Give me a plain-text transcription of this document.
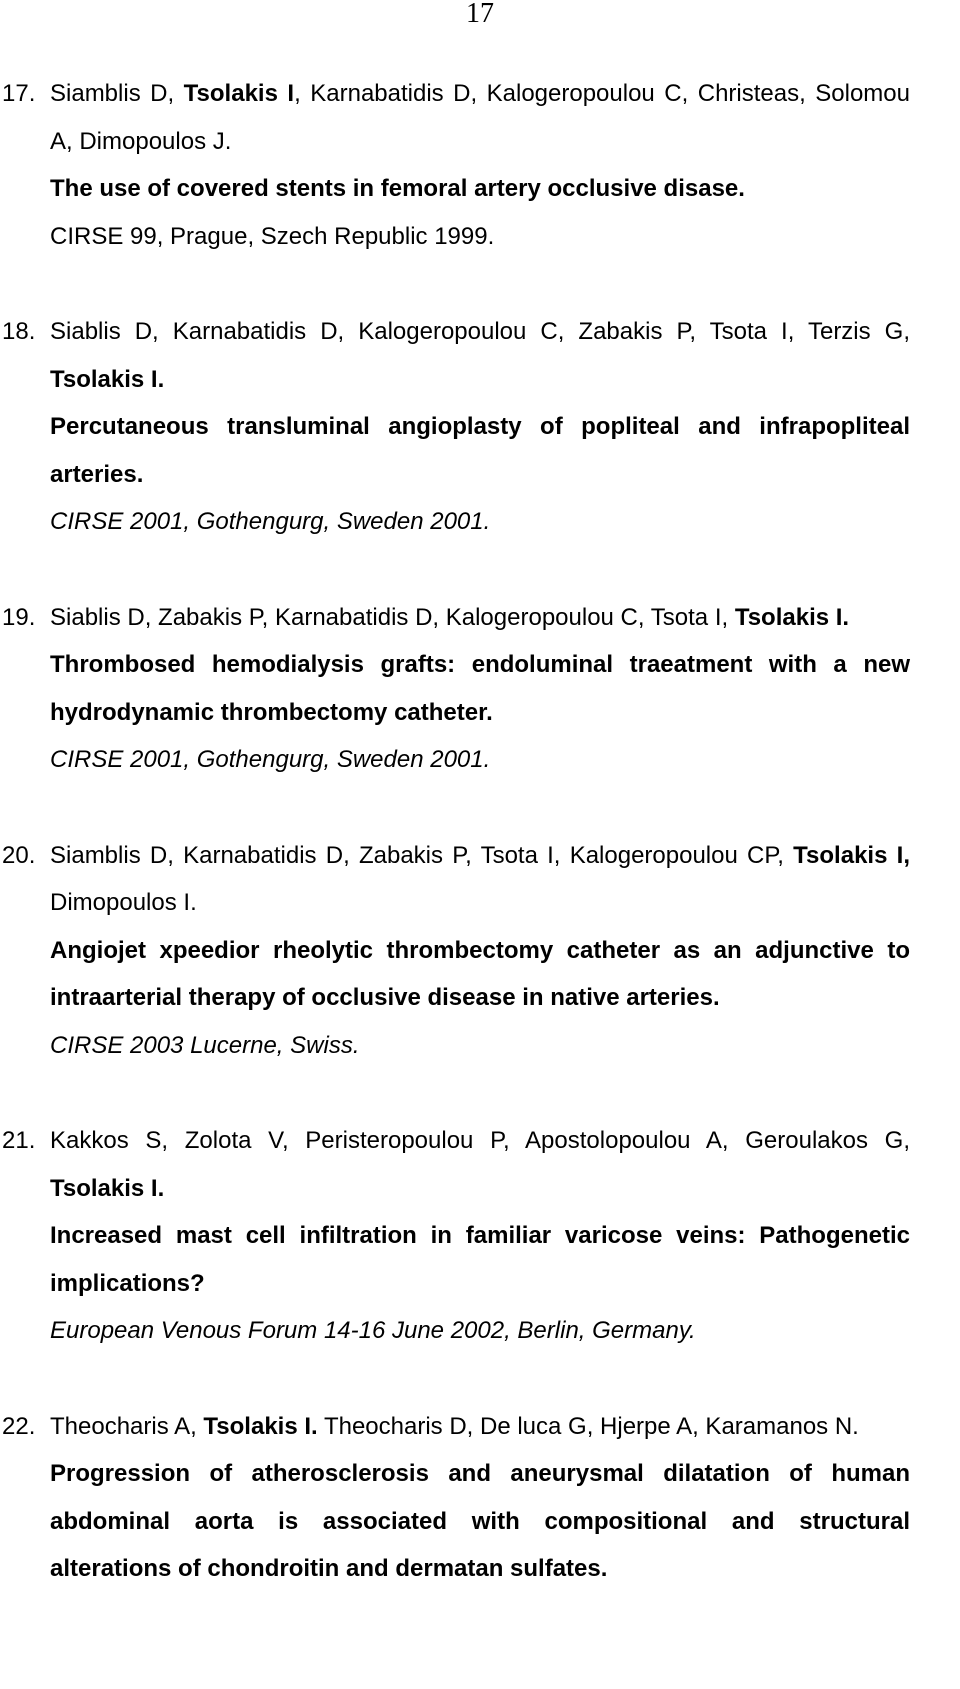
17
17. Siamblis D, Tsolakis I, Karnabatidis D, Kalogeropoulou C, Christeas, Solomou A, Dimopoulos J.
The use of covered stents in femoral artery occlusive disase.
CIRSE 99, Prague, Szech Republic 1999.
18. Siablis D, Karnabatidis D, Kalogeropoulou C, Zabakis P, Tsota I, Terzis G, Tsolakis I.
Percutaneous transluminal angioplasty of popliteal and infrapopliteal arteries.
CIRSE 2001, Gothengurg, Sweden 2001.
19. Siablis D, Zabakis P, Karnabatidis D, Kalogeropoulou C, Tsota I, Tsolakis I.
Thrombosed hemodialysis grafts: endoluminal traeatment with a new hydrodynamic thrombectomy catheter.
CIRSE 2001, Gothengurg, Sweden 2001.
20. Siamblis D, Karnabatidis D, Zabakis P, Tsota I, Kalogeropoulou CP, Tsolakis I, Dimopoulos I.
Angiojet xpeedior rheolytic thrombectomy catheter as an adjunctive to intraarterial therapy of occlusive disease in native arteries.
CIRSE 2003 Lucerne, Swiss.
21. Kakkos S, Zolota V, Peristeropoulou P, Apostolopoulou A, Geroulakos G, Tsolakis I.
Increased mast cell infiltration in familiar varicose veins: Pathogenetic implications?
European Venous Forum 14-16 June 2002, Berlin, Germany.
22. Theocharis A, Tsolakis I. Theocharis D, De luca G, Hjerpe A, Karamanos N.
Progression of atherosclerosis and aneurysmal dilatation of human abdominal aorta is associated with compositional and structural alterations of chondroitin and dermatan sulfates.
